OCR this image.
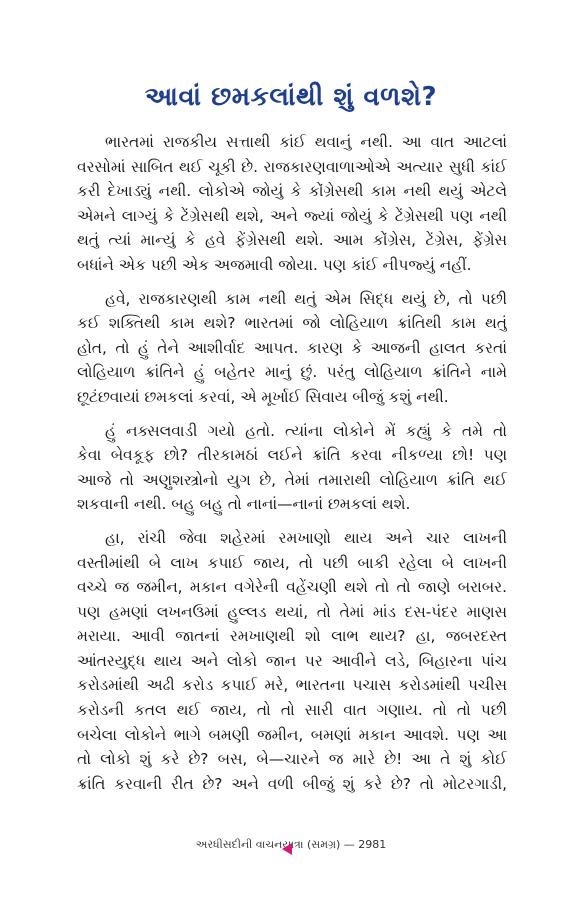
આવાં છમકલાંથી શું વળશે?
ભારતમાં રાજકીય સત્તાથી કાંઈ થવાનું નથી. આ વાત આટલાં
વરસોમાં સાબિત થઈ ચૂકી છે. રાજકારણવાળાઓએ અત્યાર સુધી કાંઈ
કરી દેખાડ્યું નથી. લોકોએ જોયું કે કોંગ્રેસથી કામ નથી થયું એટલે
એમને લાગ્યું કે ટેંગ્રેસથી થશે, અને જ્યાં જોયું કે ટેંગ્રેસથી પણ નથી
થતું ત્યાં માન્યું કે હવે ફેંગ્રેસથી થશે. આમ કોંગ્રેસ, ટેંગ્રેસ, ફેંગ્રેસ
બધાંને એક પછી એક અજમાવી જોયા. પણ કાંઈ નીપજ્યું નહીં.
હવે, રાજકારણથી કામ નથી થતું એમ સિદ્ધ થયું છે, તો પછી
કઈ શક્તિથી કામ થશે? ભારતમાં જો લોહિયાળ ક્રાંતિથી કામ થતું
હોત, તો હું તેને આશીર્વાદ આપત. કારણ કે આજની હાલત કરતાં
લોહિયાળ ક્રાંતિને હું બહેતર માનું છું. પરંતુ લોહિયાળ ક્રાંતિને નામે
છૂટંછવાયાં છમકલાં કરવાં, એ મૂર્ખાઈ સિવાય બીજું કશું નથી.
હું નક્સલવાડી ગયો હતો. ત્યાંના લોકોને મેં કહ્યું કે તમે તો
કેવા બેવકૂફ છો? તીરકામઠાં લઈને ક્રાંતિ કરવા નીકળ્યા છો! પણ
આજે તો અણુશસ્ત્રોનો યુગ છે, તેમાં તમારાથી લોહિયાળ ક્રાંતિ થઈ
શકવાની નથી. બહુ બહુ તો નાનાં—નાનાં છમકલાં થશે.
હા, રાંચી જેવા શહેરમાં રમખાણો થાય અને ચાર લાખની
વસ્તીમાંથી બે લાખ કપાઈ જાય, તો પછી બાકી રહેલા બે લાખની
વચ્ચે જ જમીન, મકાન વગેરેની વહેંચણી થશે તો તો જાણે બરાબર.
પણ હમણાં લખનઉમાં હુલ્લડ થયાં, તો તેમાં માંડ દસ-પંદર માણસ
મરાયા. આવી જાતનાં રમખાણથી શો લાભ થાય? હા, જબરદસ્ત
આંતરયુદ્ધ થાય અને લોકો જાન પર આવીને લડે, બિહારના પાંચ
કરોડમાંથી અઢી કરોડ કપાઈ મરે, ભારતના પચાસ કરોડમાંથી પચીસ
કરોડની કતલ થઈ જાય, તો તો સારી વાત ગણાય. તો તો પછી
બચેલા લોકોને ભાગે બમણી જમીન, બમણાં મકાન આવશે. પણ આ
તો લોકો શું કરે છે? બસ, બે—ચારને જ મારે છે! આ તે શું કોઈ
ક્રાંતિ કરવાની રીત છે? અને વળી બીજું શું કરે છે? તો મોટરગાડી,
અરધીસદીની વાચનયાત્રા (સમગ્ર) — 2981
